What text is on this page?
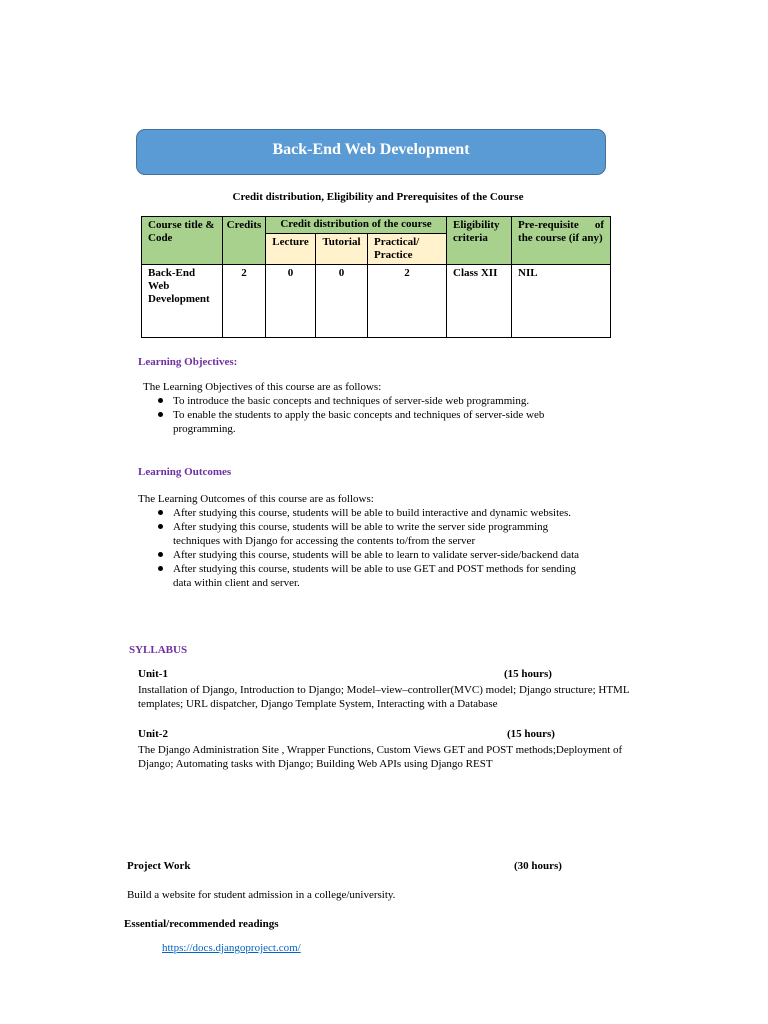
Back-End Web Development
Credit distribution, Eligibility and Prerequisites of the Course
Course title & Code	Credits	Credit distribution of the course			Eligibility criteria	Pre-requisite of the course (if any)
		Lecture	Tutorial	Practical/ Practice		
Back-End Web Development	2	0	0	2	Class XII	NIL
Learning Objectives:
The Learning Objectives of this course are as follows:
To introduce the basic concepts and techniques of server-side web programming.
To enable the students to apply the basic concepts and techniques of server-side web programming.
Learning Outcomes
The Learning Outcomes of this course are as follows:
After studying this course, students will be able to build interactive and dynamic websites.
After studying this course, students will be able to write the server side programming techniques with Django for accessing the contents to/from the server
After studying this course, students will be able to learn to validate server-side/backend data
After studying this course, students will be able to use GET and POST methods for sending data within client and server.
SYLLABUS
Unit-1	(15 hours)
Installation of Django, Introduction to Django; Model–view–controller(MVC) model; Django structure; HTML templates; URL dispatcher, Django Template System, Interacting with a Database
Unit-2	(15 hours)
The Django Administration Site , Wrapper Functions, Custom Views GET and POST methods;Deployment of Django; Automating tasks with Django; Building Web APIs using Django REST
Project Work	(30 hours)
Build a website for student admission in a college/university.
Essential/recommended readings
https://docs.djangoproject.com/
